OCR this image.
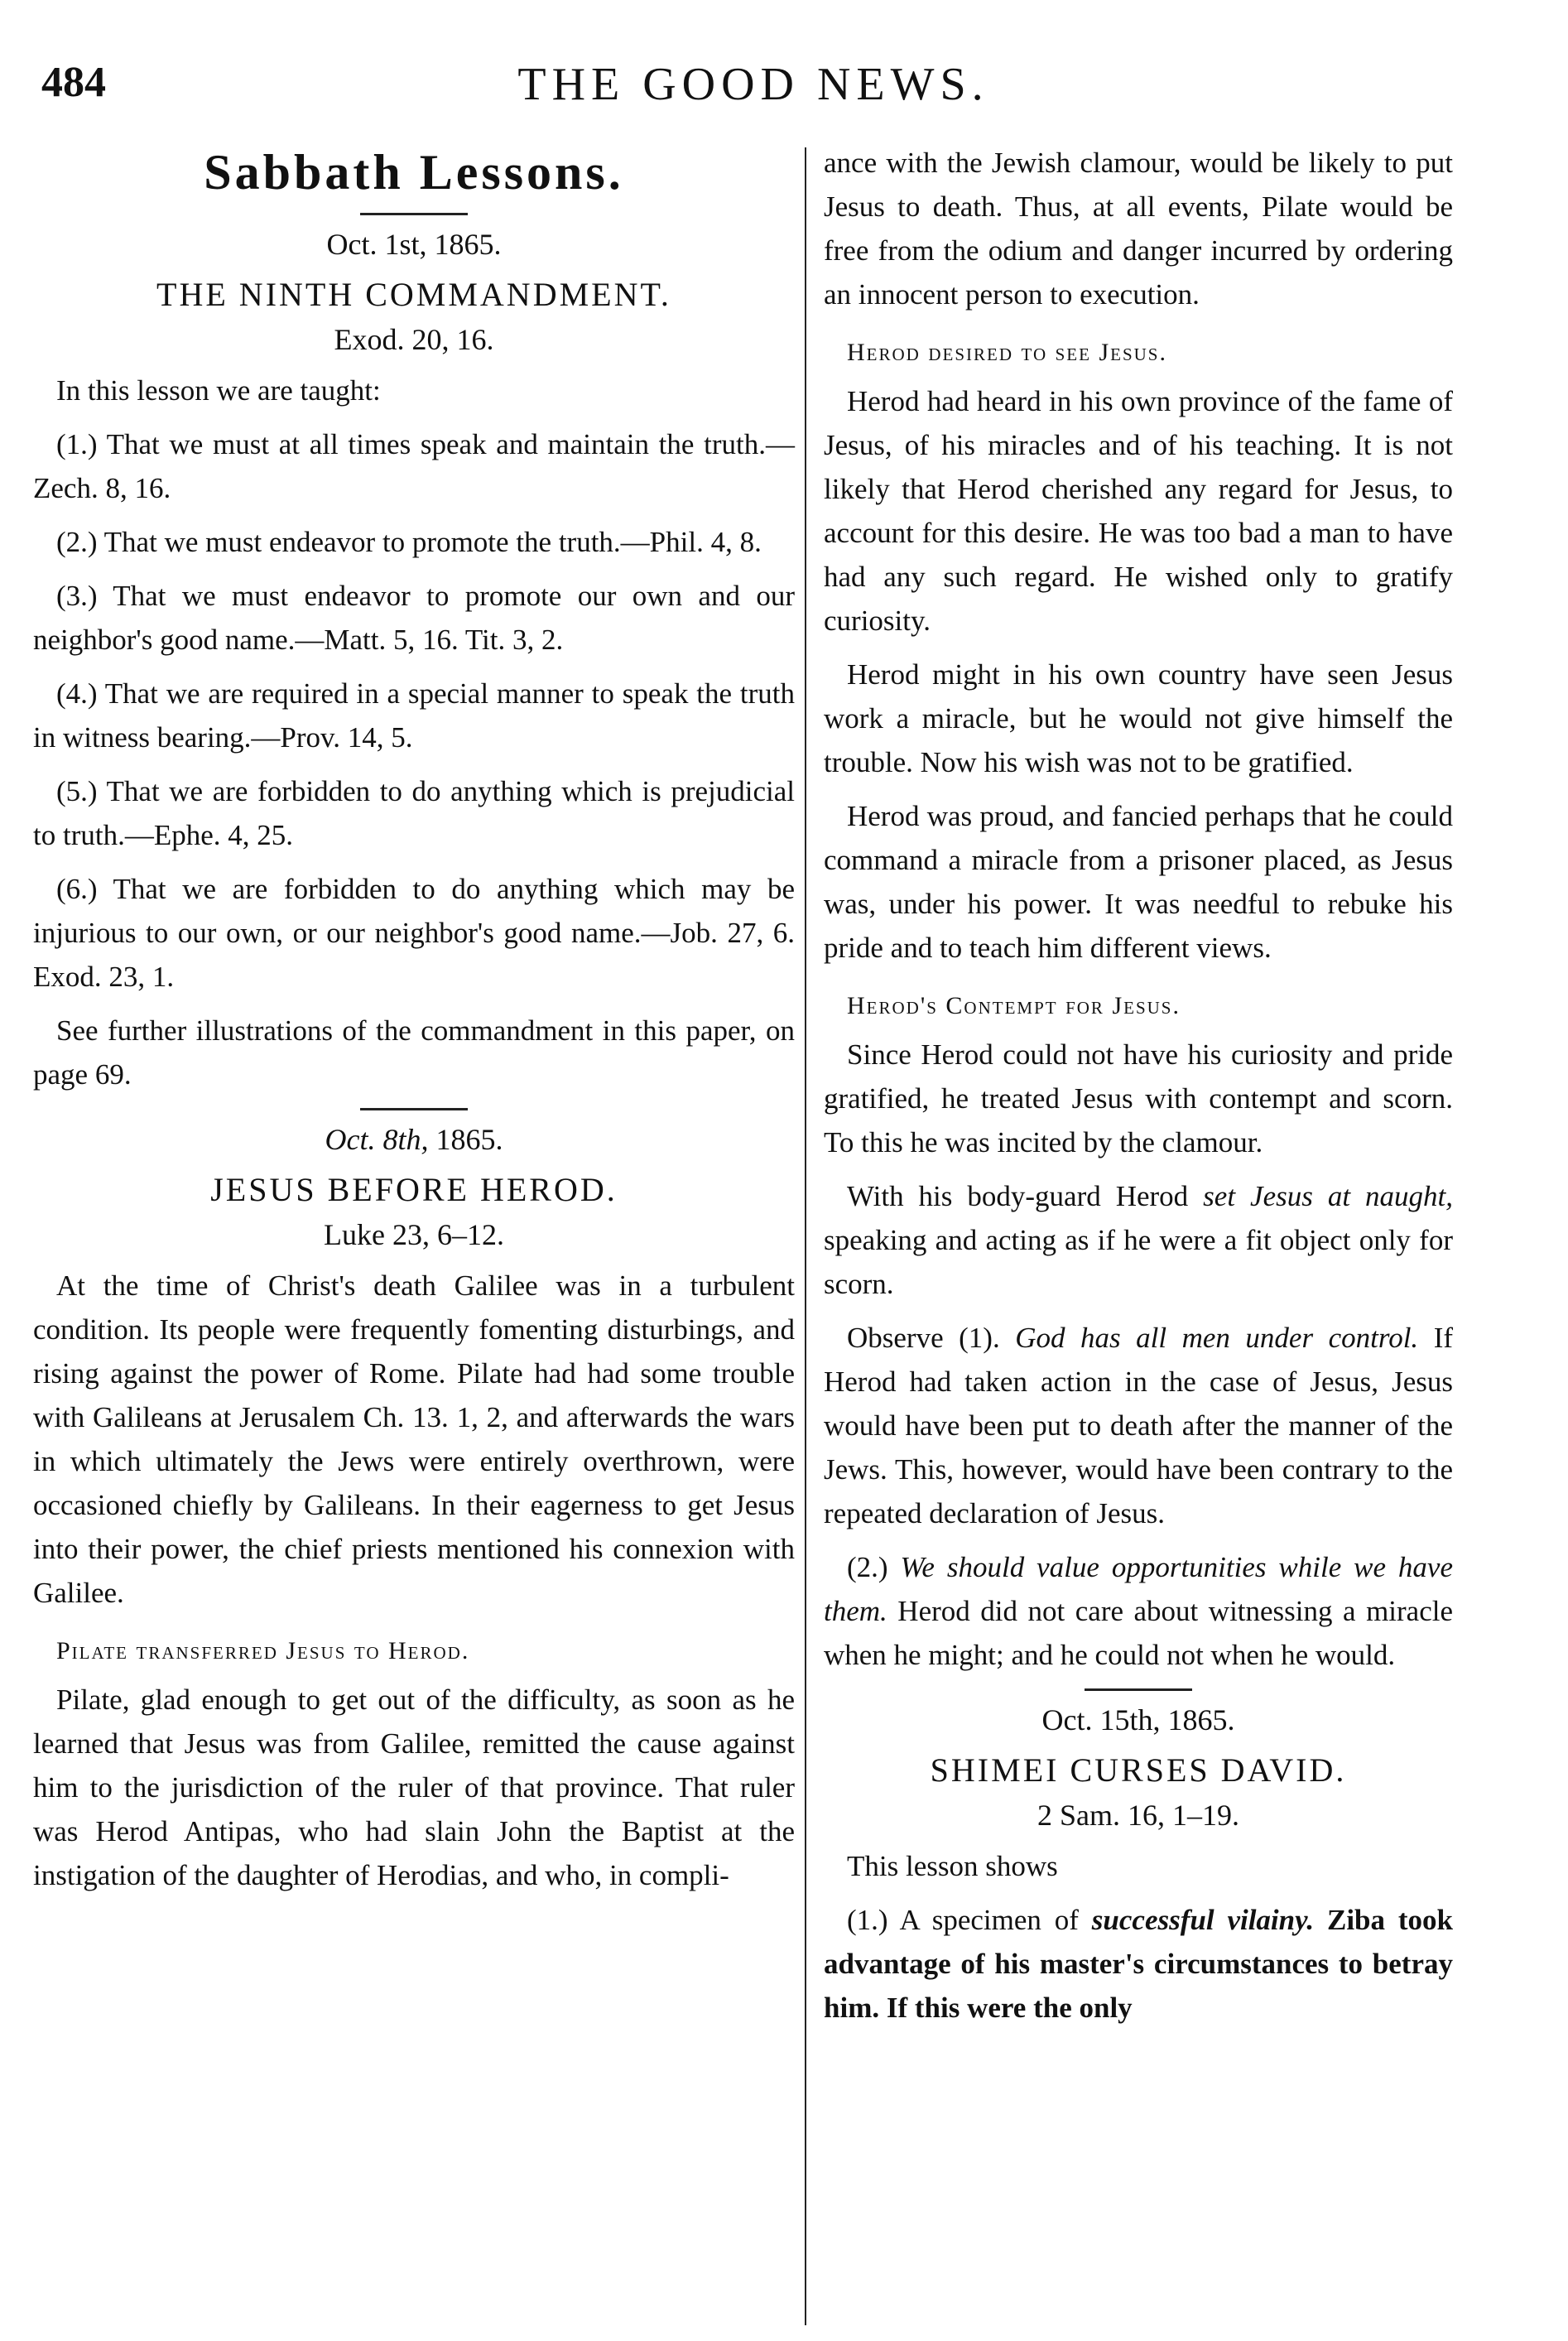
484	THE GOOD NEWS.
Sabbath Lessons.
Oct. 1st, 1865.
THE NINTH COMMANDMENT.
Exod. 20, 16.

In this lesson we are taught:

(1.) That we must at all times speak and maintain the truth.—Zech. 8, 16.

(2.) That we must endeavor to promote the truth.—Phil. 4, 8.

(3.) That we must endeavor to promote our own and our neighbor's good name.—Matt. 5, 16. Tit. 3, 2.

(4.) That we are required in a special manner to speak the truth in witness bearing.—Prov. 14, 5.

(5.) That we are forbidden to do anything which is prejudicial to truth.—Ephe. 4, 25.

(6.) That we are forbidden to do anything which may be injurious to our own, or our neighbor's good name.—Job. 27, 6. Exod. 23, 1.

See further illustrations of the commandment in this paper, on page 69.

Oct. 8th, 1865.
JESUS BEFORE HEROD.
Luke 23, 6–12.

At the time of Christ's death Galilee was in a turbulent condition. Its people were frequently fomenting disturbings, and rising against the power of Rome. Pilate had had some trouble with Galileans at Jerusalem Ch. 13. 1, 2, and afterwards the wars in which ultimately the Jews were entirely overthrown, were occasioned chiefly by Galileans. In their eagerness to get Jesus into their power, the chief priests mentioned his connexion with Galilee.

Pilate transferred Jesus to Herod.

Pilate, glad enough to get out of the difficulty, as soon as he learned that Jesus was from Galilee, remitted the cause against him to the jurisdiction of the ruler of that province. That ruler was Herod Antipas, who had slain John the Baptist at the instigation of the daughter of Herodias, and who, in compli-

ance with the Jewish clamour, would be likely to put Jesus to death. Thus, at all events, Pilate would be free from the odium and danger incurred by ordering an innocent person to execution.

Herod desired to see Jesus.

Herod had heard in his own province of the fame of Jesus, of his miracles and of his teaching. It is not likely that Herod cherished any regard for Jesus, to account for this desire. He was too bad a man to have had any such regard. He wished only to gratify curiosity.

Herod might in his own country have seen Jesus work a miracle, but he would not give himself the trouble. Now his wish was not to be gratified.

Herod was proud, and fancied perhaps that he could command a miracle from a prisoner placed, as Jesus was, under his power. It was needful to rebuke his pride and to teach him different views.

Herod's Contempt for Jesus.

Since Herod could not have his curiosity and pride gratified, he treated Jesus with contempt and scorn. To this he was incited by the clamour.

With his body-guard Herod set Jesus at naught, speaking and acting as if he were a fit object only for scorn.

Observe (1). God has all men under control. If Herod had taken action in the case of Jesus, Jesus would have been put to death after the manner of the Jews. This, however, would have been contrary to the repeated declaration of Jesus.

(2.) We should value opportunities while we have them. Herod did not care about witnessing a miracle when he might; and he could not when he would.

Oct. 15th, 1865.
SHIMEI CURSES DAVID.
2 Sam. 16, 1–19.

This lesson shows

(1.) A specimen of successful vilainy. Ziba took advantage of his master's circumstances to betray him. If this were the only
